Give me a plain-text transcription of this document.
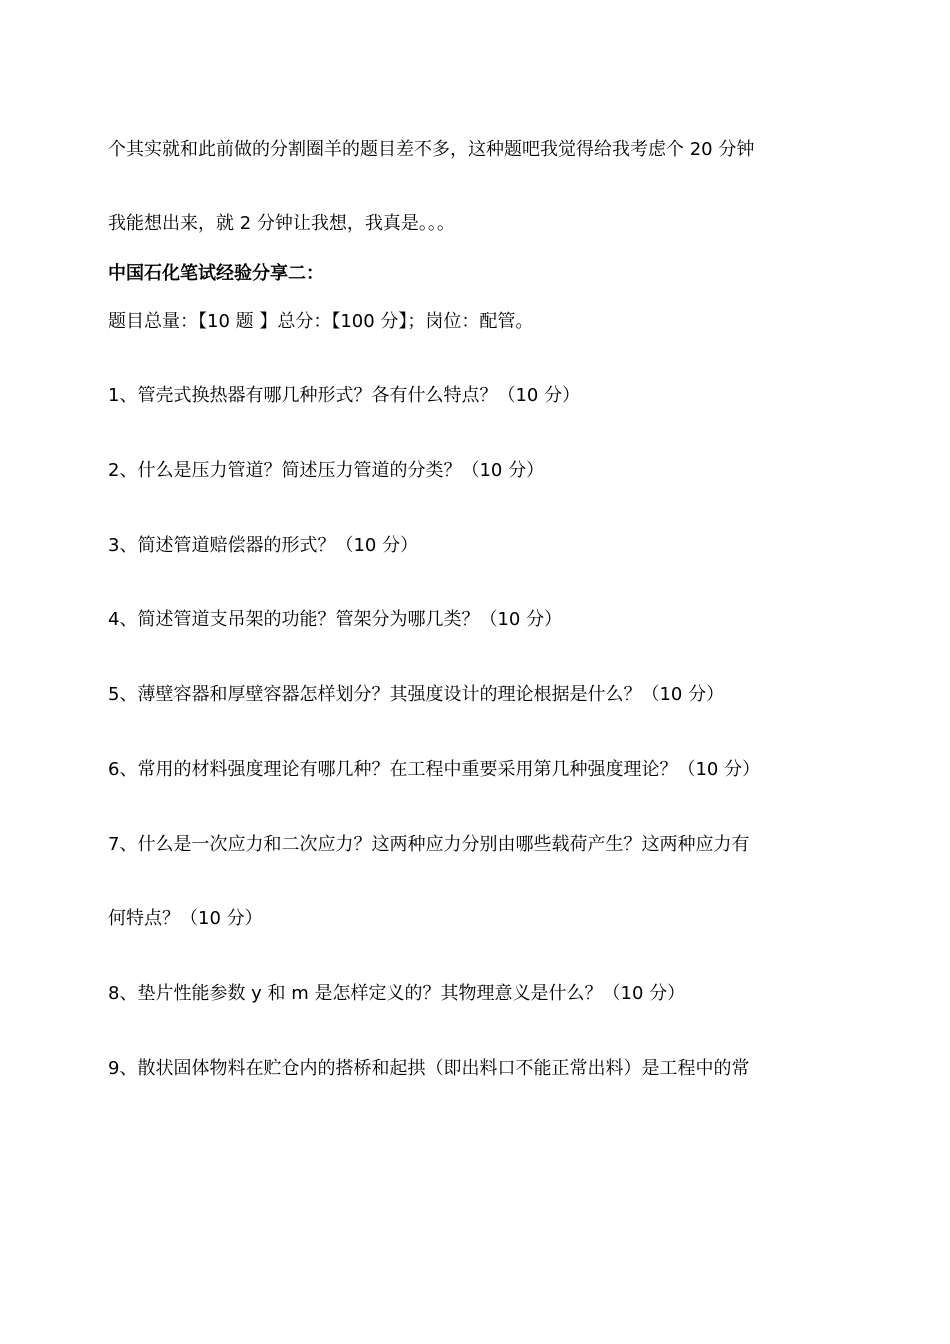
个其实就和此前做的分割圈羊的题目差不多，这种题吧我觉得给我考虑个 20 分钟
我能想出来，就 2 分钟让我想，我真是。。。
中国石化笔试经验分享二：
题目总量：【10 题 】总分：【100 分】；岗位：配管。
1、管壳式换热器有哪几种形式？各有什么特点？（10 分）
2、什么是压力管道？简述压力管道的分类？（10 分）
3、简述管道赔偿器的形式？（10 分）
4、简述管道支吊架的功能？管架分为哪几类？（10 分）
5、薄壁容器和厚壁容器怎样划分？其强度设计的理论根据是什么？（10 分）
6、常用的材料强度理论有哪几种？在工程中重要采用第几种强度理论？（10 分）
7、什么是一次应力和二次应力？这两种应力分别由哪些载荷产生？这两种应力有
何特点？（10 分）
8、垫片性能参数 y 和 m 是怎样定义的？其物理意义是什么？（10 分）
9、散状固体物料在贮仓内的搭桥和起拱（即出料口不能正常出料）是工程中的常
